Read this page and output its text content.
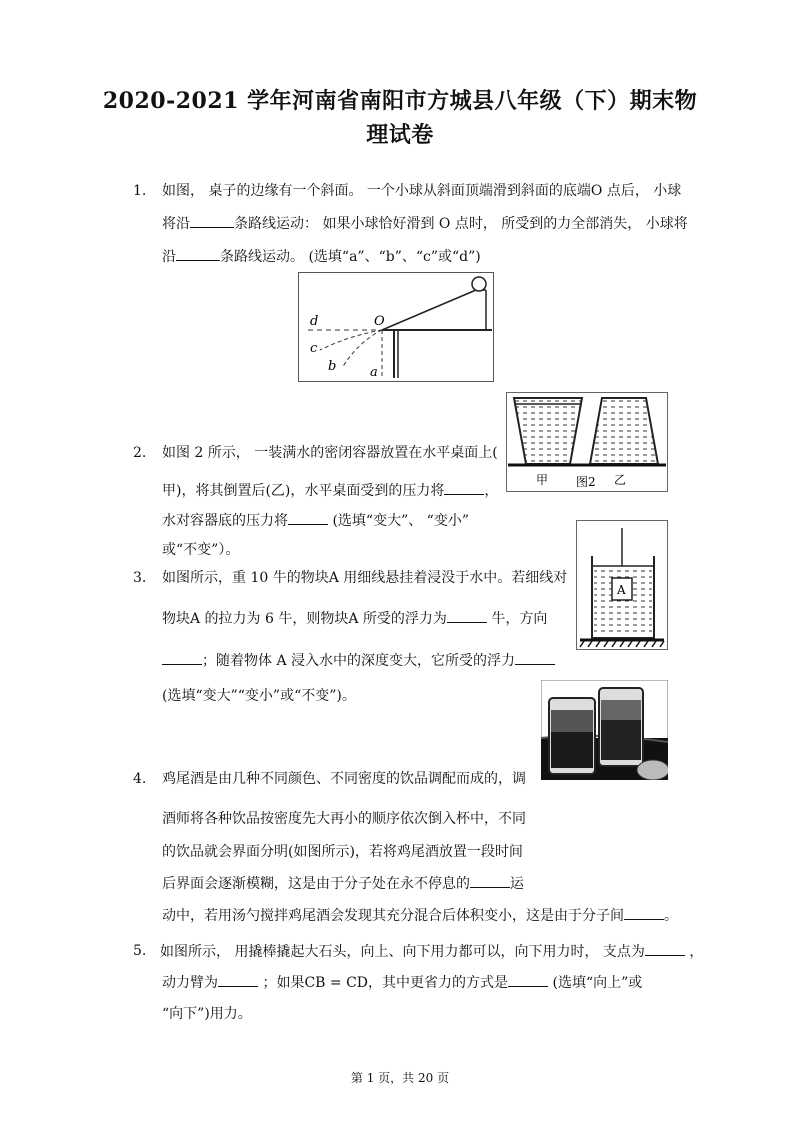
2020-2021 学年河南省南阳市方城县八年级（下）期末物
理试卷
1. 如图， 桌子的边缘有一个斜面。 一个小球从斜面顶端滑到斜面的底端O 点后， 小球
将沿	条路线运动： 如果小球恰好滑到 O 点时， 所受到的力全部消失， 小球将
沿	条路线运动。 (选填“a”、“b”、“c”或“d”)
d	O
c
b	a
2. 如图 2 所示， 一装满水的密闭容器放置在水平桌面上(
甲)，将其倒置后(乙)，水平桌面受到的压力将	，
水对容器底的压力将	(选填“变大”、 “变小”
或“不变”）。
甲 图2 乙
3. 如图所示，重 10 牛的物块A 用细线悬挂着浸没于水中。若细线对
物块A 的拉力为 6 牛，则物块A 所受的浮力为	牛，方向
；随着物体 A 浸入水中的深度变大，它所受的浮力
(选填“变大”“变小”或“不变”)。
A
4. 鸡尾酒是由几种不同颜色、不同密度的饮品调配而成的，调
酒师将各种饮品按密度先大再小的顺序依次倒入杯中，不同
的饮品就会界面分明(如图所示)，若将鸡尾酒放置一段时间
后界面会逐渐模糊，这是由于分子处在永不停息的	运
动中，若用汤勺搅拌鸡尾酒会发现其充分混合后体积变小，这是由于分子间	。
5. 如图所示， 用撬棒撬起大石头，向上、向下用力都可以，向下用力时， 支点为	，
动力臂为	；如果CB = CD，其中更省力的方式是	(选填“向上”或
“向下”)用力。
第 1 页，共 20 页
